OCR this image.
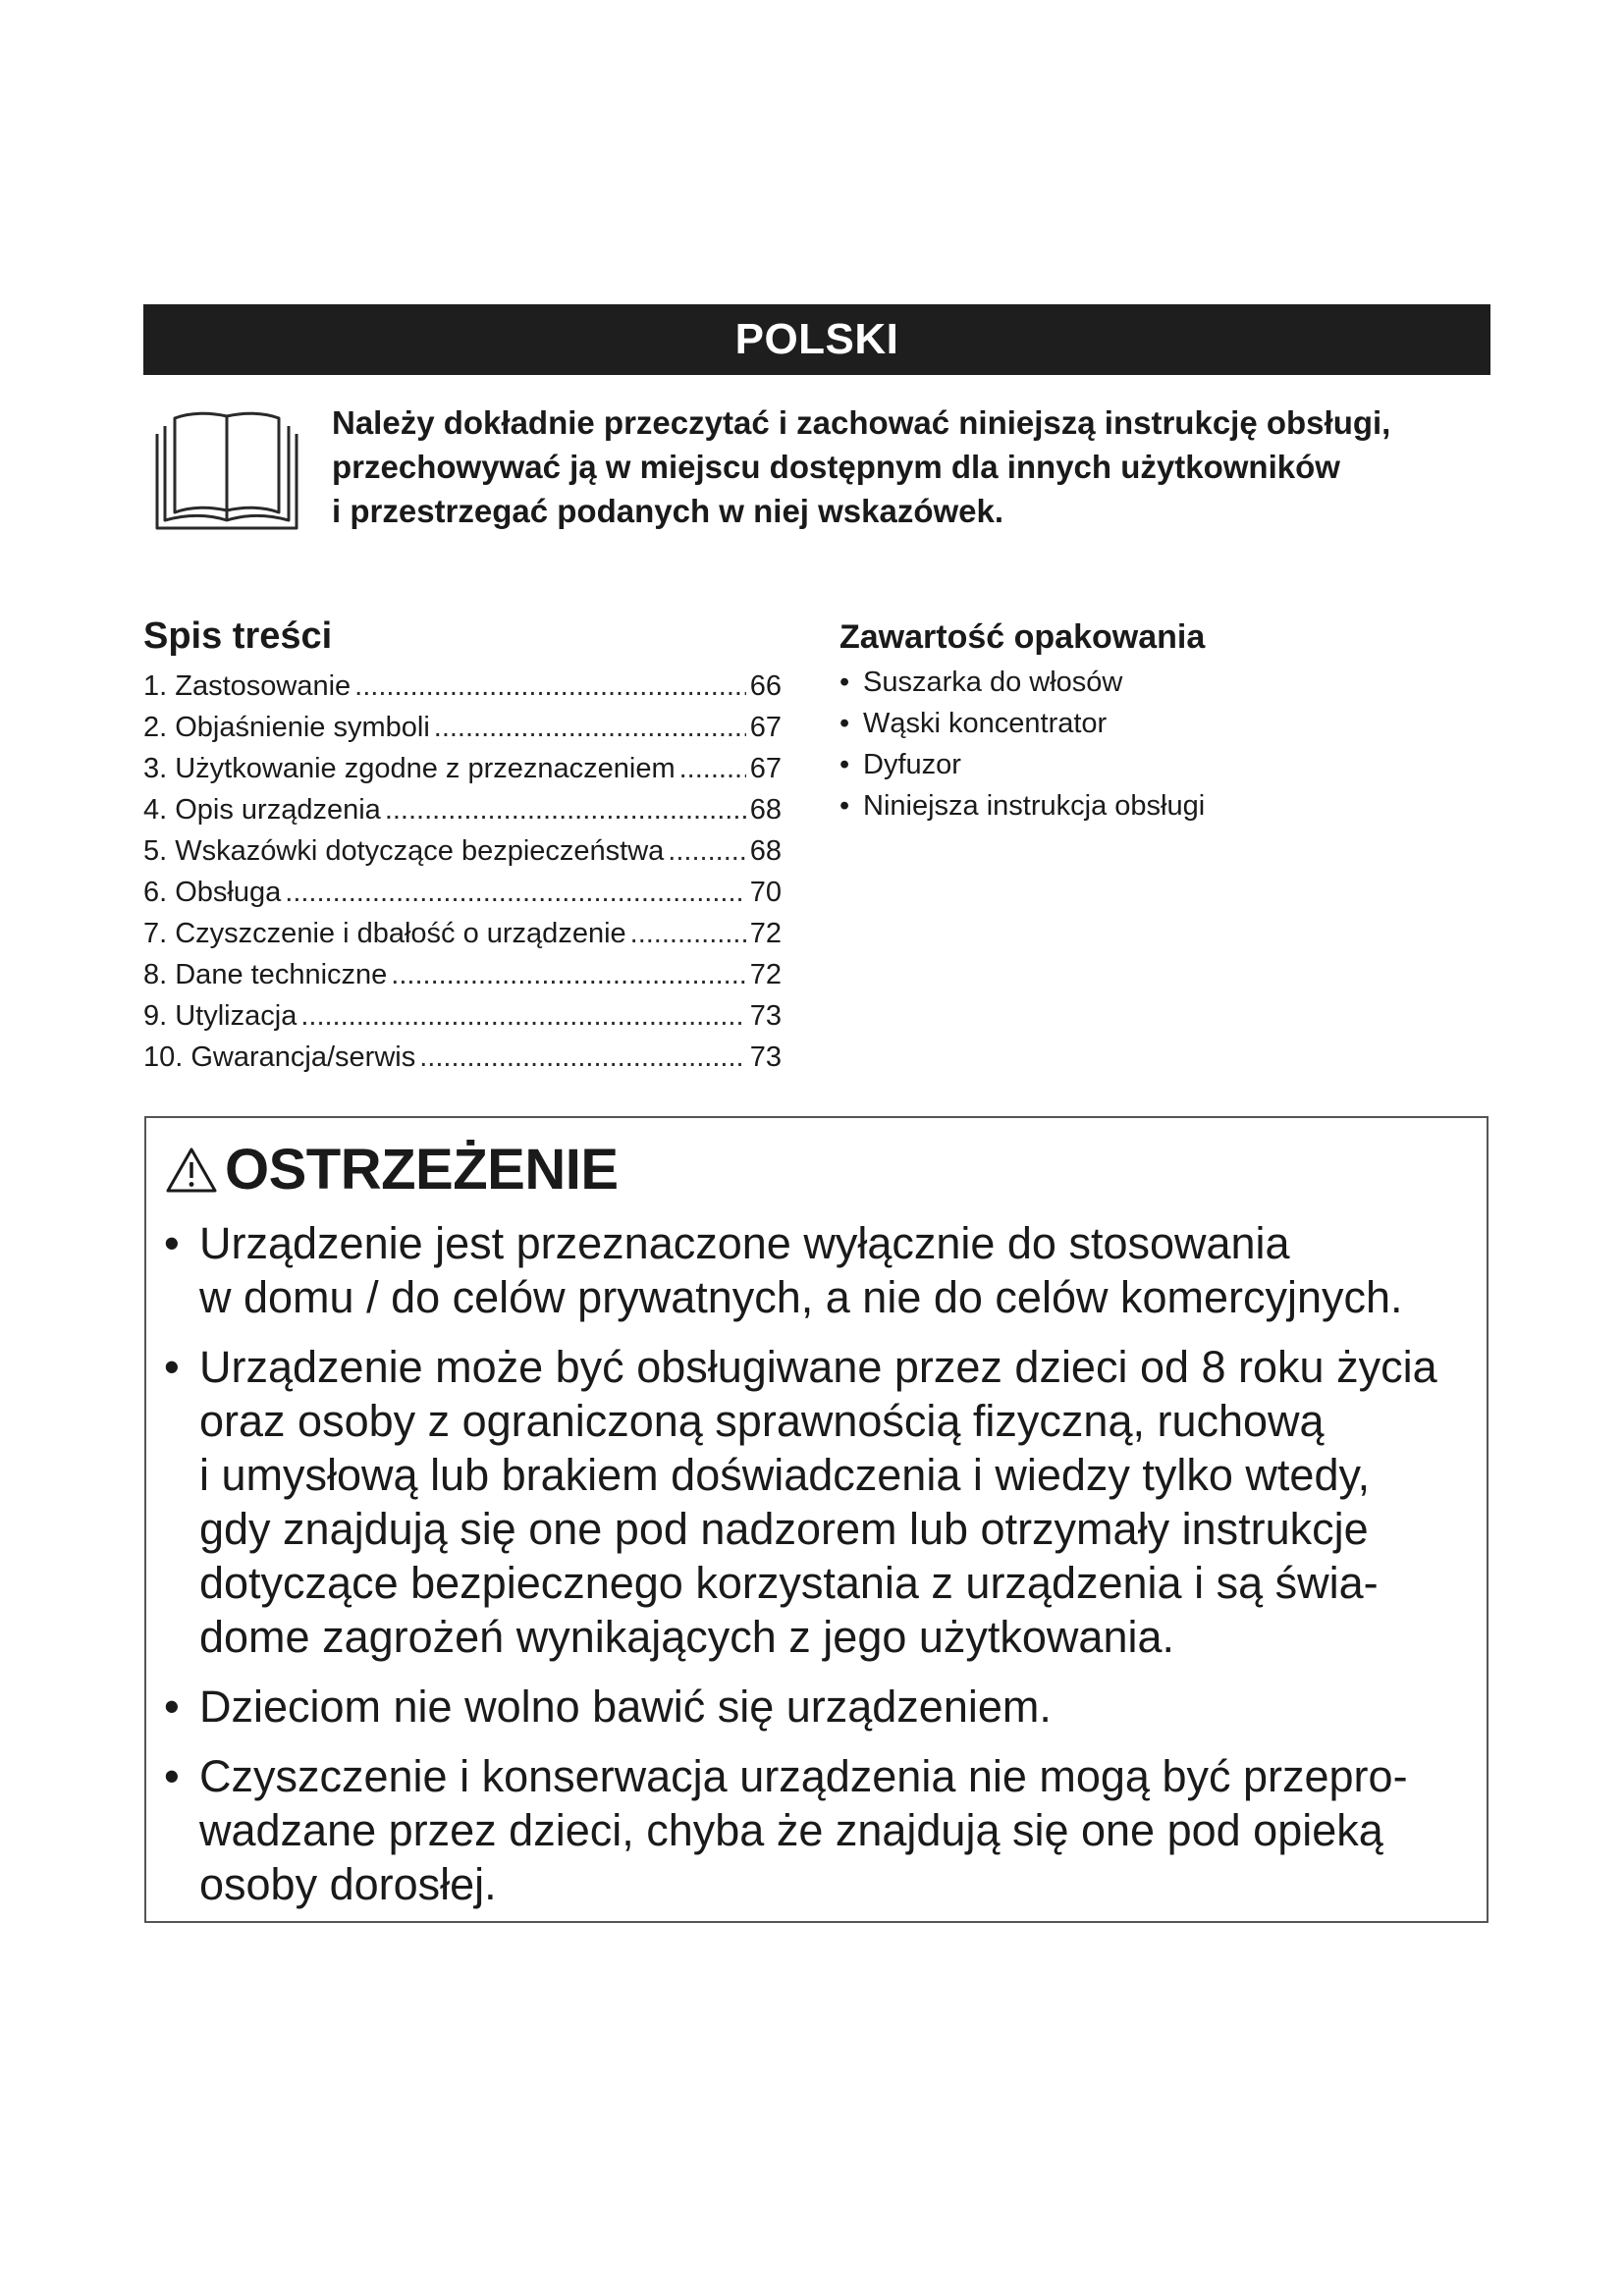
POLSKI
Należy dokładnie przeczytać i zachować niniejszą instrukcję obsługi,
przechowywać ją w miejscu dostępnym dla innych użytkowników
i przestrzegać podanych w niej wskazówek.
Spis treści
1. Zastosowanie .....	66
2. Objaśnienie symboli .....	67
3. Użytkowanie zgodne z przeznaczeniem .....	67
4. Opis urządzenia .....	68
5. Wskazówki dotyczące bezpieczeństwa .....	68
6. Obsługa .....	70
7. Czyszczenie i dbałość o urządzenie .....	72
8. Dane techniczne .....	72
9. Utylizacja .....	73
10. Gwarancja/serwis .....	73
Zawartość opakowania
• Suszarka do włosów
• Wąski koncentrator
• Dyfuzor
• Niniejsza instrukcja obsługi
OSTRZEŻENIE
• Urządzenie jest przeznaczone wyłącznie do stosowania
w domu / do celów prywatnych, a nie do celów komercyjnych.
• Urządzenie może być obsługiwane przez dzieci od 8 roku życia
oraz osoby z ograniczoną sprawnością fizyczną, ruchową
i umysłową lub brakiem doświadczenia i wiedzy tylko wtedy,
gdy znajdują się one pod nadzorem lub otrzymały instrukcje
dotyczące bezpiecznego korzystania z urządzenia i są świa-
dome zagrożeń wynikających z jego użytkowania.
• Dzieciom nie wolno bawić się urządzeniem.
• Czyszczenie i konserwacja urządzenia nie mogą być przepro-
wadzane przez dzieci, chyba że znajdują się one pod opieką
osoby dorosłej.
